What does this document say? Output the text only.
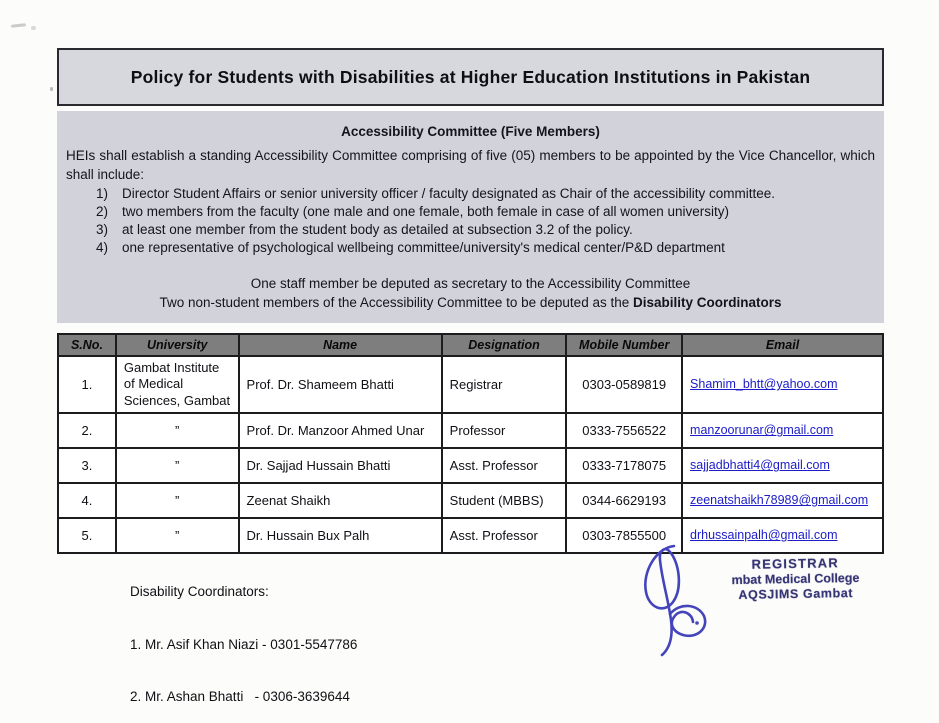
Policy for Students with Disabilities at Higher Education Institutions in Pakistan
Accessibility Committee (Five Members)

HEIs shall establish a standing Accessibility Committee comprising of five (05) members to be appointed by the Vice Chancellor, which shall include:

1)	Director Student Affairs or senior university officer / faculty designated as Chair of the accessibility committee.
2)	two members from the faculty (one male and one female, both female in case of all women university)
3)	at least one member from the student body as detailed at subsection 3.2 of the policy.
4)	one representative of psychological wellbeing committee/university's medical center/P&D department
One staff member be deputed as secretary to the Accessibility Committee
Two non-student members of the Accessibility Committee to be deputed as the Disability Coordinators
S.No.	University	Name	Designation	Mobile Number	Email
1.	Gambat Institute of Medical Sciences, Gambat	Prof. Dr. Shameem Bhatti	Registrar	0303-0589819	Shamim_bhtt@yahoo.com
2.	”	Prof. Dr. Manzoor Ahmed Unar	Professor	0333-7556522	manzoorunar@gmail.com
3.	”	Dr. Sajjad Hussain Bhatti	Asst. Professor	0333-7178075	sajjadbhatti4@gmail.com
4.	”	Zeenat Shaikh	Student (MBBS)	0344-6629193	zeenatshaikh78989@gmail.com
5.	”	Dr. Hussain Bux Palh	Asst. Professor	0303-7855500	drhussainpalh@gmail.com

Disability Coordinators:

1. Mr. Asif Khan Niazi - 0301-5547786

2. Mr. Ashan Bhatti   - 0306-3639644

REGISTRAR
mbat Medical College
AQSJIMS Gambat
